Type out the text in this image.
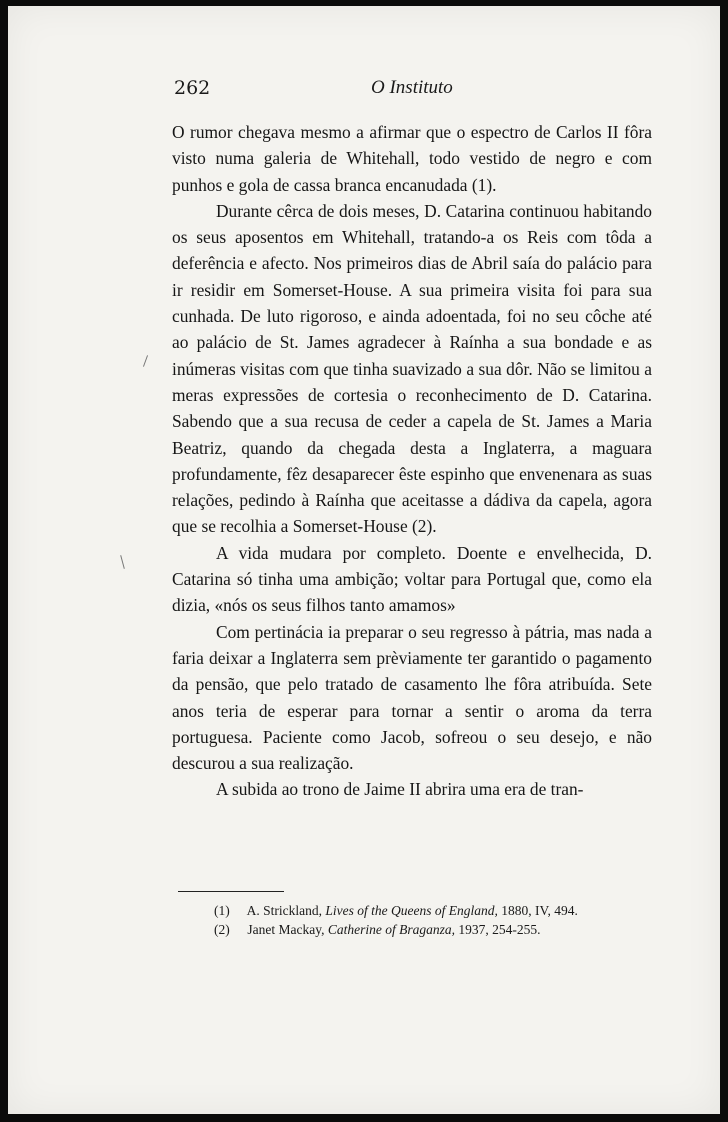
262	O Instituto

O rumor chegava mesmo a afirmar que o espectro de Carlos II fôra visto numa galeria de Whitehall, todo vestido de negro e com punhos e gola de cassa branca encanudada (1).

Durante cêrca de dois meses, D. Catarina continuou habitando os seus aposentos em Whitehall, tratando-a os Reis com tôda a deferência e afecto. Nos primeiros dias de Abril saía do palácio para ir residir em Somerset-House. A sua primeira visita foi para sua cunhada. De luto rigoroso, e ainda adoentada, foi no seu côche até ao palácio de St. James agradecer à Raínha a sua bondade e as inúmeras visitas com que tinha suavizado a sua dôr. Não se limitou a meras expressões de cortesia o reconhecimento de D. Catarina. Sabendo que a sua recusa de ceder a capela de St. James a Maria Beatriz, quando da chegada desta a Inglaterra, a maguara profundamente, fêz desaparecer êste espinho que envenenara as suas relações, pedindo à Raínha que aceitasse a dádiva da capela, agora que se recolhia a Somerset-House (2).

A vida mudara por completo. Doente e envelhecida, D. Catarina só tinha uma ambição; voltar para Portugal que, como ela dizia, «nós os seus filhos tanto amamos»

Com pertinácia ia preparar o seu regresso à pátria, mas nada a faria deixar a Inglaterra sem prèviamente ter garantido o pagamento da pensão, que pelo tratado de casamento lhe fôra atribuída. Sete anos teria de esperar para tornar a sentir o aroma da terra portuguesa. Paciente como Jacob, sofreou o seu desejo, e não descurou a sua realização.

A subida ao trono de Jaime II abrira uma era de tran-

(1) A. Strickland, Lives of the Queens of England, 1880, IV, 494.
(2) Janet Mackay, Catherine of Braganza, 1937, 254-255.
